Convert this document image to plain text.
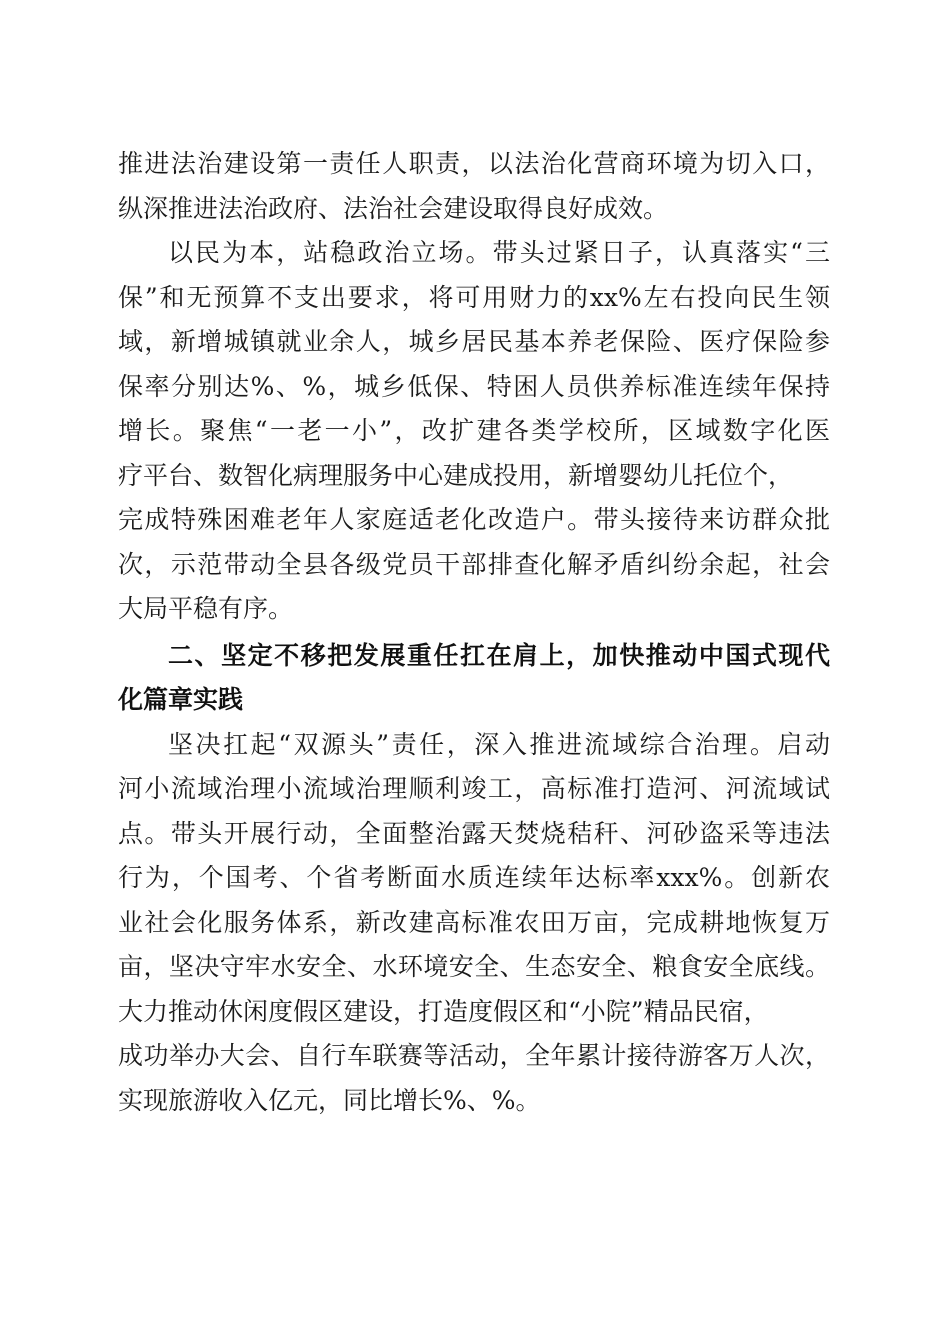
推进法治建设第一责任人职责，以法治化营商环境为切入口，
纵深推进法治政府、法治社会建设取得良好成效。
以民为本，站稳政治立场。带头过紧日子，认真落实“三
保”和无预算不支出要求，将可用财力的xx%左右投向民生领
域，新增城镇就业余人，城乡居民基本养老保险、医疗保险参
保率分别达%、%，城乡低保、特困人员供养标准连续年保持
增长。聚焦“一老一小”，改扩建各类学校所，区域数字化医
疗平台、数智化病理服务中心建成投用，新增婴幼儿托位个，
完成特殊困难老年人家庭适老化改造户。带头接待来访群众批
次，示范带动全县各级党员干部排查化解矛盾纠纷余起，社会
大局平稳有序。
二、坚定不移把发展重任扛在肩上，加快推动中国式现代
化篇章实践
坚决扛起“双源头”责任，深入推进流域综合治理。启动
河小流域治理小流域治理顺利竣工，高标准打造河、河流域试
点。带头开展行动，全面整治露天焚烧秸秆、河砂盗采等违法
行为，个国考、个省考断面水质连续年达标率xxx%。创新农
业社会化服务体系，新改建高标准农田万亩，完成耕地恢复万
亩，坚决守牢水安全、水环境安全、生态安全、粮食安全底线。
大力推动休闲度假区建设，打造度假区和“小院”精品民宿，
成功举办大会、自行车联赛等活动，全年累计接待游客万人次，
实现旅游收入亿元，同比增长%、%。
